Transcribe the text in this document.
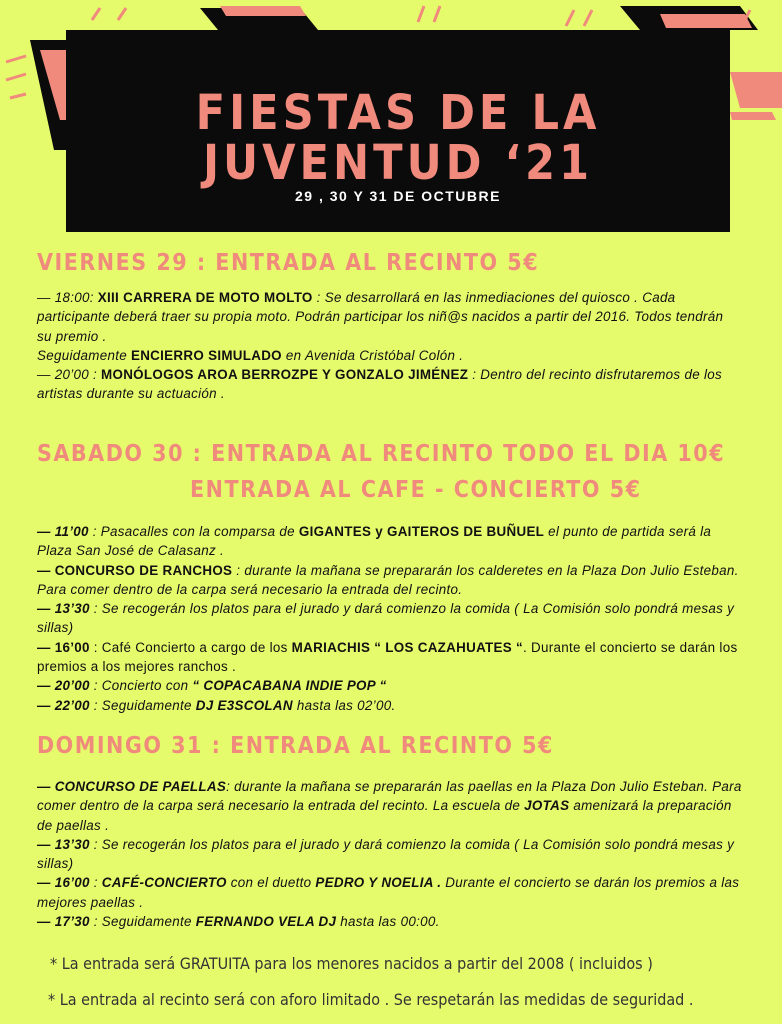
FIESTAS DE LA
JUVENTUD ‘21
29 , 30 Y 31 DE OCTUBRE
VIERNES 29 : ENTRADA AL RECINTO 5€

— 18:00: XIII CARRERA DE MOTO MOLTO : Se desarrollará en las inmediaciones del quiosco . Cada participante deberá traer su propia moto. Podrán participar los niñ@s nacidos a partir del 2016. Todos tendrán su premio .

Seguidamente ENCIERRO SIMULADO en Avenida Cristóbal Colón .

— 20’00 : MONÓLOGOS AROA BERROZPE Y GONZALO JIMÉNEZ : Dentro del recinto disfrutaremos de los artistas durante su actuación .

SABADO 30 : ENTRADA AL RECINTO TODO EL DIA 10€
ENTRADA AL CAFE - CONCIERTO 5€

— 11’00 : Pasacalles con la comparsa de GIGANTES y GAITEROS DE BUÑUEL el punto de partida será la Plaza San José de Calasanz .

— CONCURSO DE RANCHOS : durante la mañana se prepararán los calderetes en la Plaza Don Julio Esteban. Para comer dentro de la carpa será necesario la entrada del recinto.

— 13’30 : Se recogerán los platos para el jurado y dará comienzo la comida ( La Comisión solo pondrá mesas y sillas)

— 16’00 : Café Concierto a cargo de los MARIACHIS “ LOS CAZAHUATES “. Durante el concierto se darán los premios a los mejores ranchos .

— 20’00 : Concierto con “ COPACABANA INDIE POP “

— 22’00 : Seguidamente DJ E3SCOLAN hasta las 02’00.

DOMINGO 31 : ENTRADA AL RECINTO 5€

— CONCURSO DE PAELLAS: durante la mañana se prepararán las paellas en la Plaza Don Julio Esteban. Para comer dentro de la carpa será necesario la entrada del recinto. La escuela de JOTAS amenizará la preparación de paellas .

— 13’30 : Se recogerán los platos para el jurado y dará comienzo la comida ( La Comisión solo pondrá mesas y sillas)

— 16’00 : CAFÉ-CONCIERTO con el duetto PEDRO Y NOELIA . Durante el concierto se darán los premios a las mejores paellas .

— 17’30 : Seguidamente FERNANDO VELA DJ hasta las 00:00.

* La entrada será GRATUITA para los menores nacidos a partir del 2008 ( incluidos )
* La entrada al recinto será con aforo limitado . Se respetarán las medidas de seguridad .
